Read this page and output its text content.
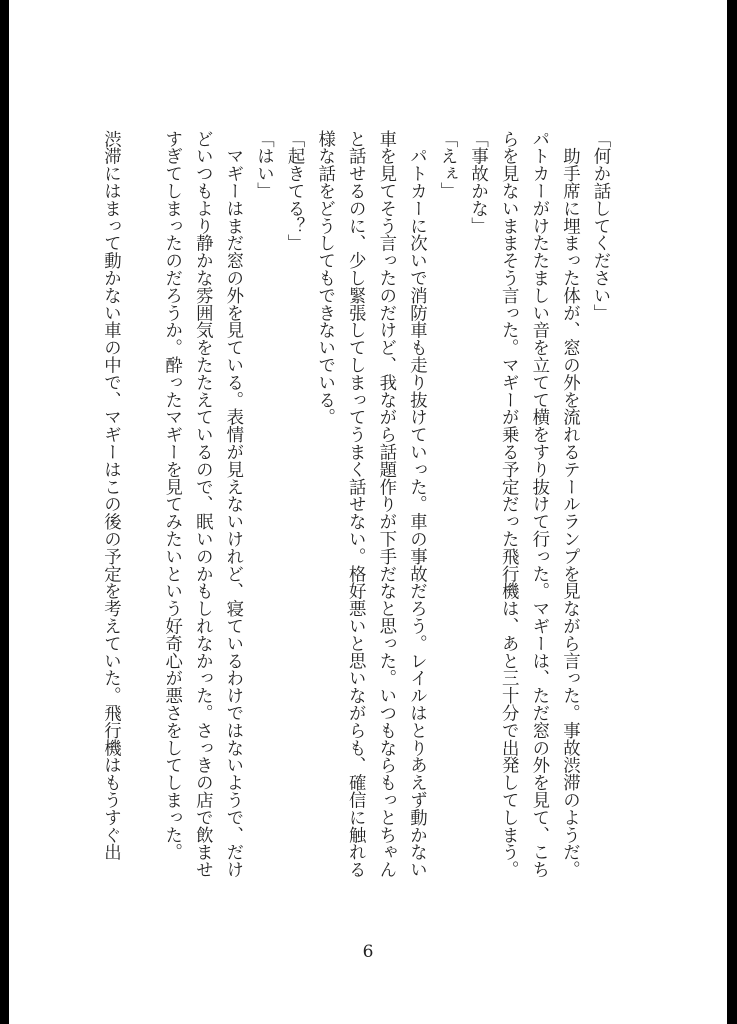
「何か話してください」
　助手席に埋まった体が、窓の外を流れるテールランプを見ながら言った。事故渋滞のようだ。
パトカーがけたたましい音を立てて横をすり抜けて行った。マギーは、ただ窓の外を見て、こち
らを見ないままそう言った。マギーが乗る予定だった飛行機は、あと三十分で出発してしまう。
「事故かな」
「えぇ」
　パトカーに次いで消防車も走り抜けていった。車の事故だろう。レイルはとりあえず動かない
車を見てそう言ったのだけど、我ながら話題作りが下手だなと思った。いつもならもっとちゃん
と話せるのに、少し緊張してしまってうまく話せない。格好悪いと思いながらも、確信に触れる
様な話をどうしてもできないでいる。
「起きてる？」
「はい」
　マギーはまだ窓の外を見ている。表情が見えないけれど、寝ているわけではないようで、だけ
どいつもより静かな雰囲気をたたえているので、眠いのかもしれなかった。さっきの店で飲ませ
すぎてしまったのだろうか。酔ったマギーを見てみたいという好奇心が悪さをしてしまった。

渋滞にはまって動かない車の中で、マギーはこの後の予定を考えていた。飛行機はもうすぐ出
6
